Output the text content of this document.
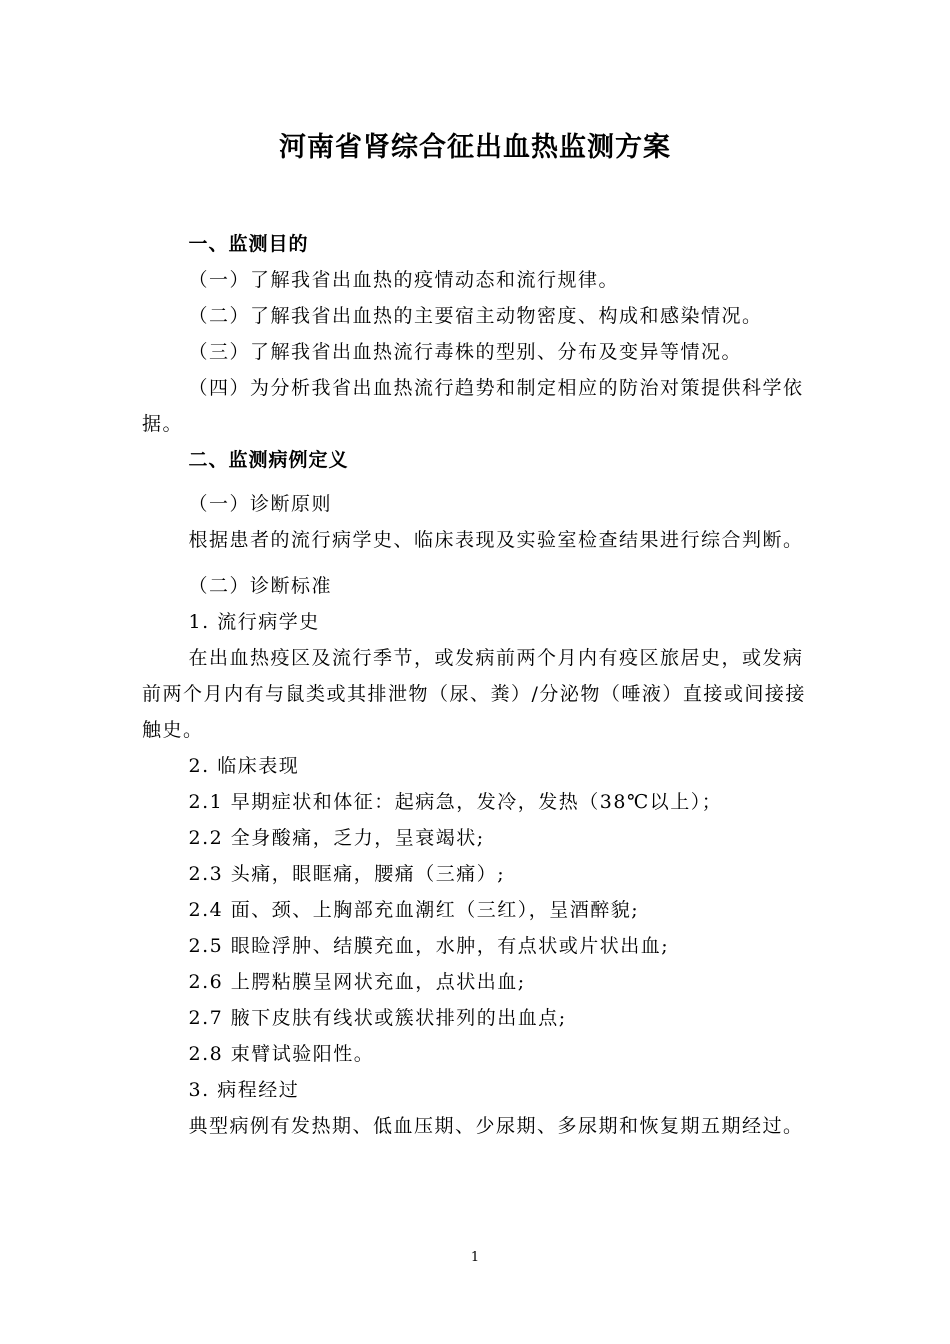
河南省肾综合征出血热监测方案

一、监测目的

（一）了解我省出血热的疫情动态和流行规律。

（二）了解我省出血热的主要宿主动物密度、构成和感染情况。

（三）了解我省出血热流行毒株的型别、分布及变异等情况。

（四）为分析我省出血热流行趋势和制定相应的防治对策提供科学依据。

二、监测病例定义

（一）诊断原则

根据患者的流行病学史、临床表现及实验室检查结果进行综合判断。

（二）诊断标准

1. 流行病学史

在出血热疫区及流行季节，或发病前两个月内有疫区旅居史，或发病前两个月内有与鼠类或其排泄物（尿、粪）/分泌物（唾液）直接或间接接触史。

2. 临床表现

2.1 早期症状和体征：起病急，发冷，发热（38℃以上）；

2.2 全身酸痛，乏力，呈衰竭状;

2.3 头痛，眼眶痛，腰痛（三痛）;

2.4 面、颈、上胸部充血潮红（三红），呈酒醉貌;

2.5 眼睑浮肿、结膜充血，水肿，有点状或片状出血;

2.6 上腭粘膜呈网状充血，点状出血;

2.7 腋下皮肤有线状或簇状排列的出血点;

2.8 束臂试验阳性。

3. 病程经过

典型病例有发热期、低血压期、少尿期、多尿期和恢复期五期经过。

1
